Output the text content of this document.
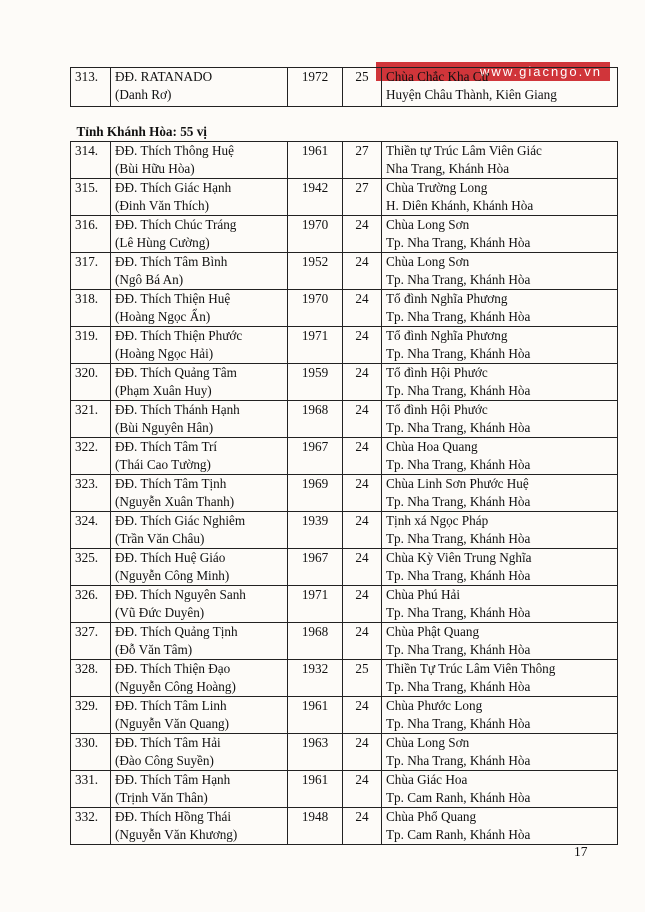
www.giacngo.vn
313.	ĐĐ. RATANADO
(Danh Rơ)	1972	25	Chùa Chắc Kha Cư
Huyện Châu Thành, Kiên Giang

Tỉnh Khánh Hòa: 55 vị				
314.	ĐĐ. Thích Thông Huệ
(Bùi Hữu Hòa)	1961	27	Thiền tự Trúc Lâm Viên Giác
Nha Trang, Khánh Hòa

315.	ĐĐ. Thích Giác Hạnh
(Đinh Văn Thích)	1942	27	Chùa Trường Long
H. Diên Khánh, Khánh Hòa

316.	ĐĐ. Thích Chúc Tráng
(Lê Hùng Cường)	1970	24	Chùa Long Sơn
Tp. Nha Trang, Khánh Hòa

317.	ĐĐ. Thích Tâm Bình
(Ngô Bá An)	1952	24	Chùa Long Sơn
Tp. Nha Trang, Khánh Hòa

318.	ĐĐ. Thích Thiện Huệ
(Hoàng Ngọc Ẩn)	1970	24	Tổ đình Nghĩa Phương
Tp. Nha Trang, Khánh Hòa

319.	ĐĐ. Thích Thiện Phước
(Hoàng Ngọc Hải)	1971	24	Tổ đình Nghĩa Phương
Tp. Nha Trang, Khánh Hòa

320.	ĐĐ. Thích Quảng Tâm
(Phạm Xuân Huy)	1959	24	Tổ đình Hội Phước
Tp. Nha Trang, Khánh Hòa

321.	ĐĐ. Thích Thánh Hạnh
(Bùi Nguyên Hân)	1968	24	Tổ đình Hội Phước
Tp. Nha Trang, Khánh Hòa

322.	ĐĐ. Thích Tâm Trí
(Thái Cao Tường)	1967	24	Chùa Hoa Quang
Tp. Nha Trang, Khánh Hòa

323.	ĐĐ. Thích Tâm Tịnh
(Nguyễn Xuân Thanh)	1969	24	Chùa Linh Sơn Phước Huệ
Tp. Nha Trang, Khánh Hòa

324.	ĐĐ. Thích Giác Nghiêm
(Trần Văn Châu)	1939	24	Tịnh xá Ngọc Pháp
Tp. Nha Trang, Khánh Hòa

325.	ĐĐ. Thích Huệ Giáo
(Nguyễn Công Minh)	1967	24	Chùa Kỳ Viên Trung Nghĩa
Tp. Nha Trang, Khánh Hòa

326.	ĐĐ. Thích Nguyên Sanh
(Vũ Đức Duyên)	1971	24	Chùa Phú Hải
Tp. Nha Trang, Khánh Hòa

327.	ĐĐ. Thích Quảng Tịnh
(Đỗ Văn Tâm)	1968	24	Chùa Phật Quang
Tp. Nha Trang, Khánh Hòa

328.	ĐĐ. Thích Thiện Đạo
(Nguyễn Công Hoàng)	1932	25	Thiền Tự Trúc Lâm Viên Thông
Tp. Nha Trang, Khánh Hòa

329.	ĐĐ. Thích Tâm Linh
(Nguyễn Văn Quang)	1961	24	Chùa Phước Long
Tp. Nha Trang, Khánh Hòa

330.	ĐĐ. Thích Tâm Hải
(Đào Công Suyền)	1963	24	Chùa Long Sơn
Tp. Nha Trang, Khánh Hòa

331.	ĐĐ. Thích Tâm Hạnh
(Trịnh Văn Thân)	1961	24	Chùa Giác Hoa
Tp. Cam Ranh, Khánh Hòa

332.	ĐĐ. Thích Hồng Thái
(Nguyễn Văn Khương)	1948	24	Chùa Phổ Quang
Tp. Cam Ranh, Khánh Hòa
17
